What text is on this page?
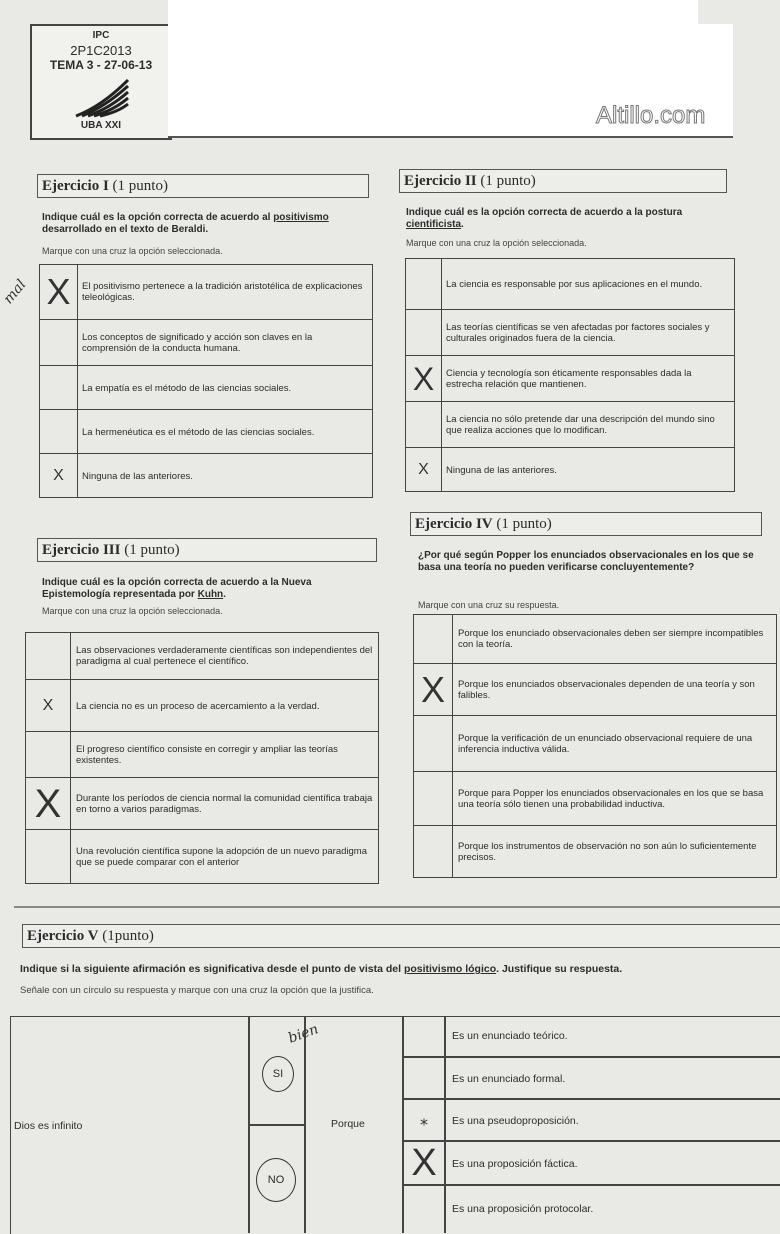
IPC
2P1C2013
TEMA 3 - 27-06-13
UBA XXI	Altillo.com
Ejercicio I (1 punto)
Indique cuál es la opción correcta de acuerdo al positivismo
desarrollado en el texto de Beraldi.
Marque con una cruz la opción seleccionada.
X El positivismo pertenece a la tradición aristotélica de explicaciones teleológicas.
Los conceptos de significado y acción son claves en la comprensión de la conducta humana.
La empatía es el método de las ciencias sociales.
La hermenéutica es el método de las ciencias sociales.
X Ninguna de las anteriores.
mal
Ejercicio II (1 punto)
Indique cuál es la opción correcta de acuerdo a la postura
cientificista.
Marque con una cruz la opción seleccionada.
La ciencia es responsable por sus aplicaciones en el mundo.
Las teorías científicas se ven afectadas por factores sociales y culturales originados fuera de la ciencia.
X Ciencia y tecnología son éticamente responsables dada la estrecha relación que mantienen.
La ciencia no sólo pretende dar una descripción del mundo sino que realiza acciones que lo modifican.
X Ninguna de las anteriores.
Ejercicio III (1 punto)
Indique cuál es la opción correcta de acuerdo a la Nueva
Epistemología representada por Kuhn.
Marque con una cruz la opción seleccionada.
Las observaciones verdaderamente científicas son independientes del paradigma al cual pertenece el científico.
X La ciencia no es un proceso de acercamiento a la verdad.
El progreso científico consiste en corregir y ampliar las teorías existentes.
X Durante los períodos de ciencia normal la comunidad científica trabaja en torno a varios paradigmas.
Una revolución científica supone la adopción de un nuevo paradigma que se puede comparar con el anterior
Ejercicio IV (1 punto)
¿Por qué según Popper los enunciados observacionales en los que se basa una teoría no pueden verificarse concluyentemente?
Marque con una cruz su respuesta.
Porque los enunciado observacionales deben ser siempre incompatibles con la teoría.
X Porque los enunciados observacionales dependen de una teoría y son falibles.
Porque la verificación de un enunciado observacional requiere de una inferencia inductiva válida.
Porque para Popper los enunciados observacionales en los que se basa una teoría sólo tienen una probabilidad inductiva.
Porque los instrumentos de observación no son aún lo suficientemente precisos.
Ejercicio V (1punto)
Indique si la siguiente afirmación es significativa desde el punto de vista del positivismo lógico. Justifique su respuesta.
Señale con un círculo su respuesta y marque con una cruz la opción que la justifica.
Dios es infinito
SI
NO
Porque
bien	Es un enunciado teórico.
Es un enunciado formal.
⁎ Es una pseudoproposición.
X Es una proposición fáctica.
Es una proposición protocolar.
